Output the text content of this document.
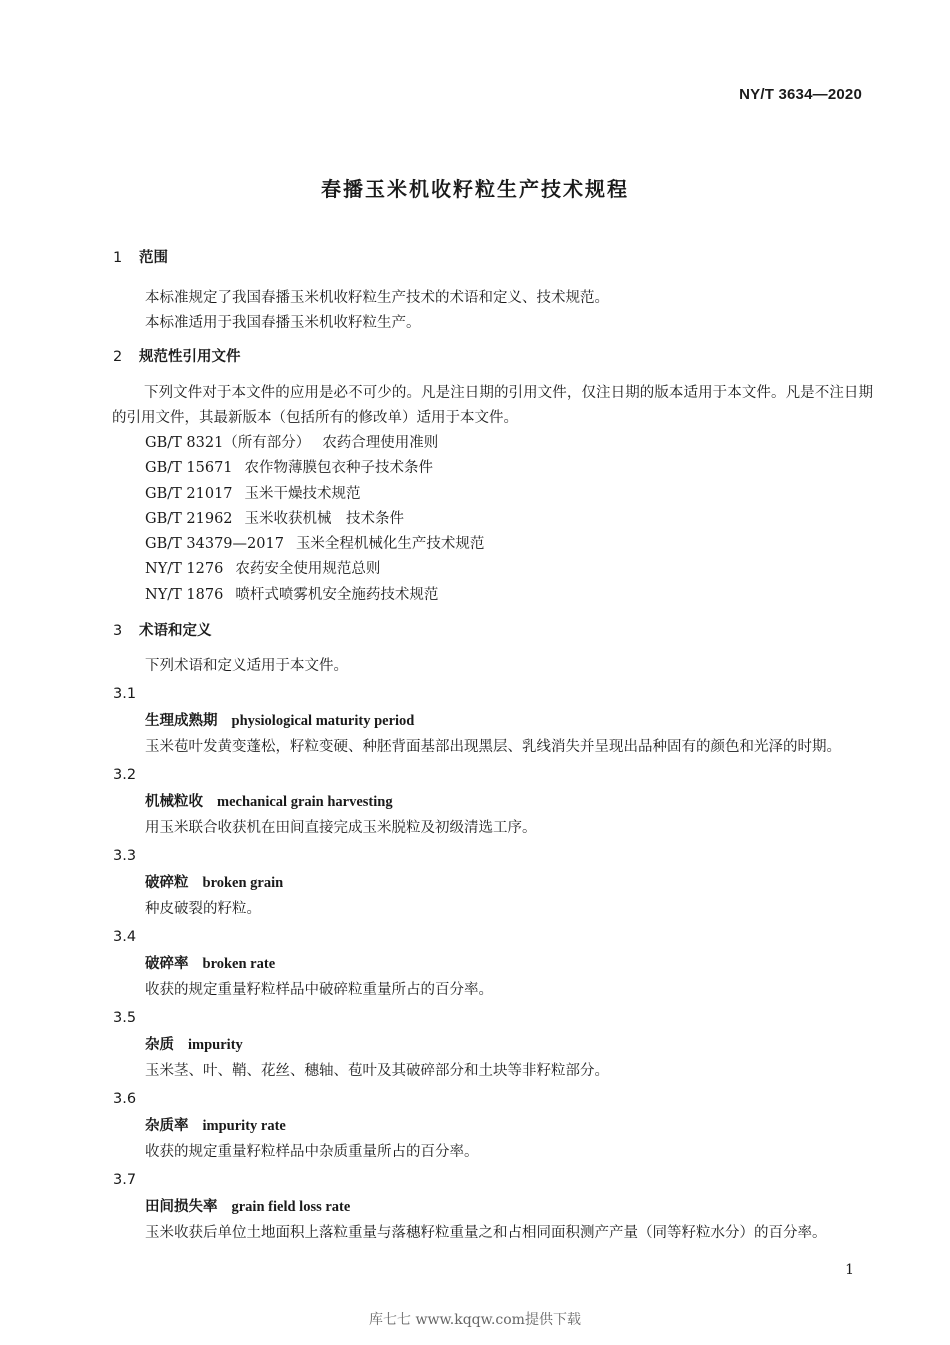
NY/T 3634—2020
春播玉米机收籽粒生产技术规程
1 范围
本标准规定了我国春播玉米机收籽粒生产技术的术语和定义、技术规范。
本标准适用于我国春播玉米机收籽粒生产。
2 规范性引用文件
下列文件对于本文件的应用是必不可少的。凡是注日期的引用文件，仅注日期的版本适用于本文件。凡是不注日期的引用文件，其最新版本（包括所有的修改单）适用于本文件。
GB/T 8321（所有部分） 农药合理使用准则
GB/T 15671 农作物薄膜包衣种子技术条件
GB/T 21017 玉米干燥技术规范
GB/T 21962 玉米收获机械　技术条件
GB/T 34379—2017 玉米全程机械化生产技术规范
NY/T 1276 农药安全使用规范总则
NY/T 1876 喷杆式喷雾机安全施药技术规范
3 术语和定义
下列术语和定义适用于本文件。
3.1
生理成熟期 physiological maturity period
玉米苞叶发黄变蓬松，籽粒变硬、种胚背面基部出现黑层、乳线消失并呈现出品种固有的颜色和光泽的时期。
3.2
机械粒收 mechanical grain harvesting
用玉米联合收获机在田间直接完成玉米脱粒及初级清选工序。
3.3
破碎粒 broken grain
种皮破裂的籽粒。
3.4
破碎率 broken rate
收获的规定重量籽粒样品中破碎粒重量所占的百分率。
3.5
杂质 impurity
玉米茎、叶、鞘、花丝、穗轴、苞叶及其破碎部分和土块等非籽粒部分。
3.6
杂质率 impurity rate
收获的规定重量籽粒样品中杂质重量所占的百分率。
3.7
田间损失率 grain field loss rate
玉米收获后单位土地面积上落粒重量与落穗籽粒重量之和占相同面积测产产量（同等籽粒水分）的百分率。
1
库七七 www.kqqw.com提供下载
